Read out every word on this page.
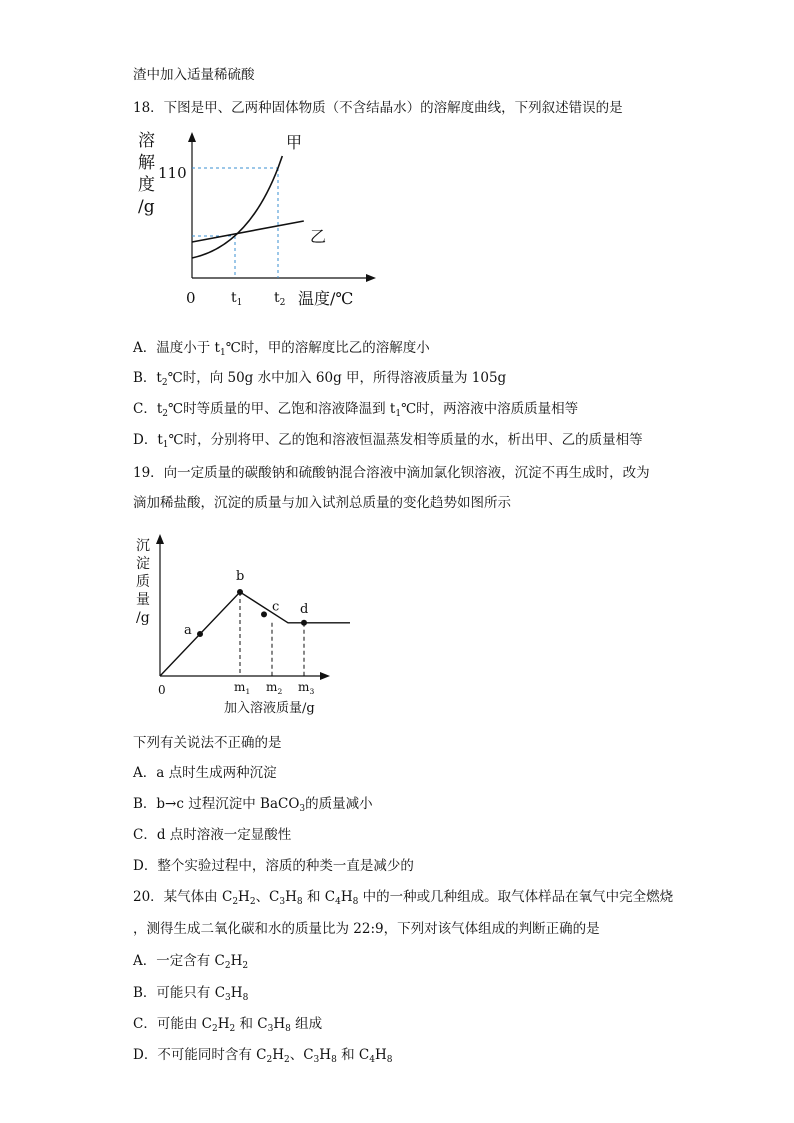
渣中加入适量稀硫酸
18．下图是甲、乙两种固体物质（不含结晶水）的溶解度曲线，下列叙述错误的是
溶
解
度
/g
110
0	温度/℃
$t_1$ $t_2$
甲
乙
A．温度小于 $t_1℃$时，甲的溶解度比乙的溶解度小
B．$t_2℃$时，向 50g 水中加入 60g 甲，所得溶液质量为 105g
C．$t_2℃$时等质量的甲、乙饱和溶液降温到 $t_1℃$时，两溶液中溶质质量相等
D．$t_1℃$时，分别将甲、乙的饱和溶液恒温蒸发相等质量的水，析出甲、乙的质量相等
19．向一定质量的碳酸钠和硫酸钠混合溶液中滴加氯化钡溶液，沉淀不再生成时，改为
滴加稀盐酸，沉淀的质量与加入试剂总质量的变化趋势如图所示
沉
淀
质
量
/g
0
加入溶液质量/g
$m_1$ $m_2$ $m_3$
a
b
c d
下列有关说法不正确的是
A．a 点时生成两种沉淀
B．b→c 过程沉淀中 BaCO$_3$的质量减小
C．d 点时溶液一定显酸性
D．整个实验过程中，溶质的种类一直是减少的
20．某气体由 $C_2H_2$、$C_3H_8$ 和 $C_4H_8$ 中的一种或几种组成。取气体样品在氧气中完全燃烧
，测得生成二氧化碳和水的质量比为 22:9，下列对该气体组成的判断正确的是
A．一定含有 $C_2H_2$
B．可能只有 $C_3H_8$
C．可能由 $C_2H_2$ 和 $C_3H_8$ 组成
D．不可能同时含有 $C_2H_2$、$C_3H_8$ 和 $C_4H_8$
